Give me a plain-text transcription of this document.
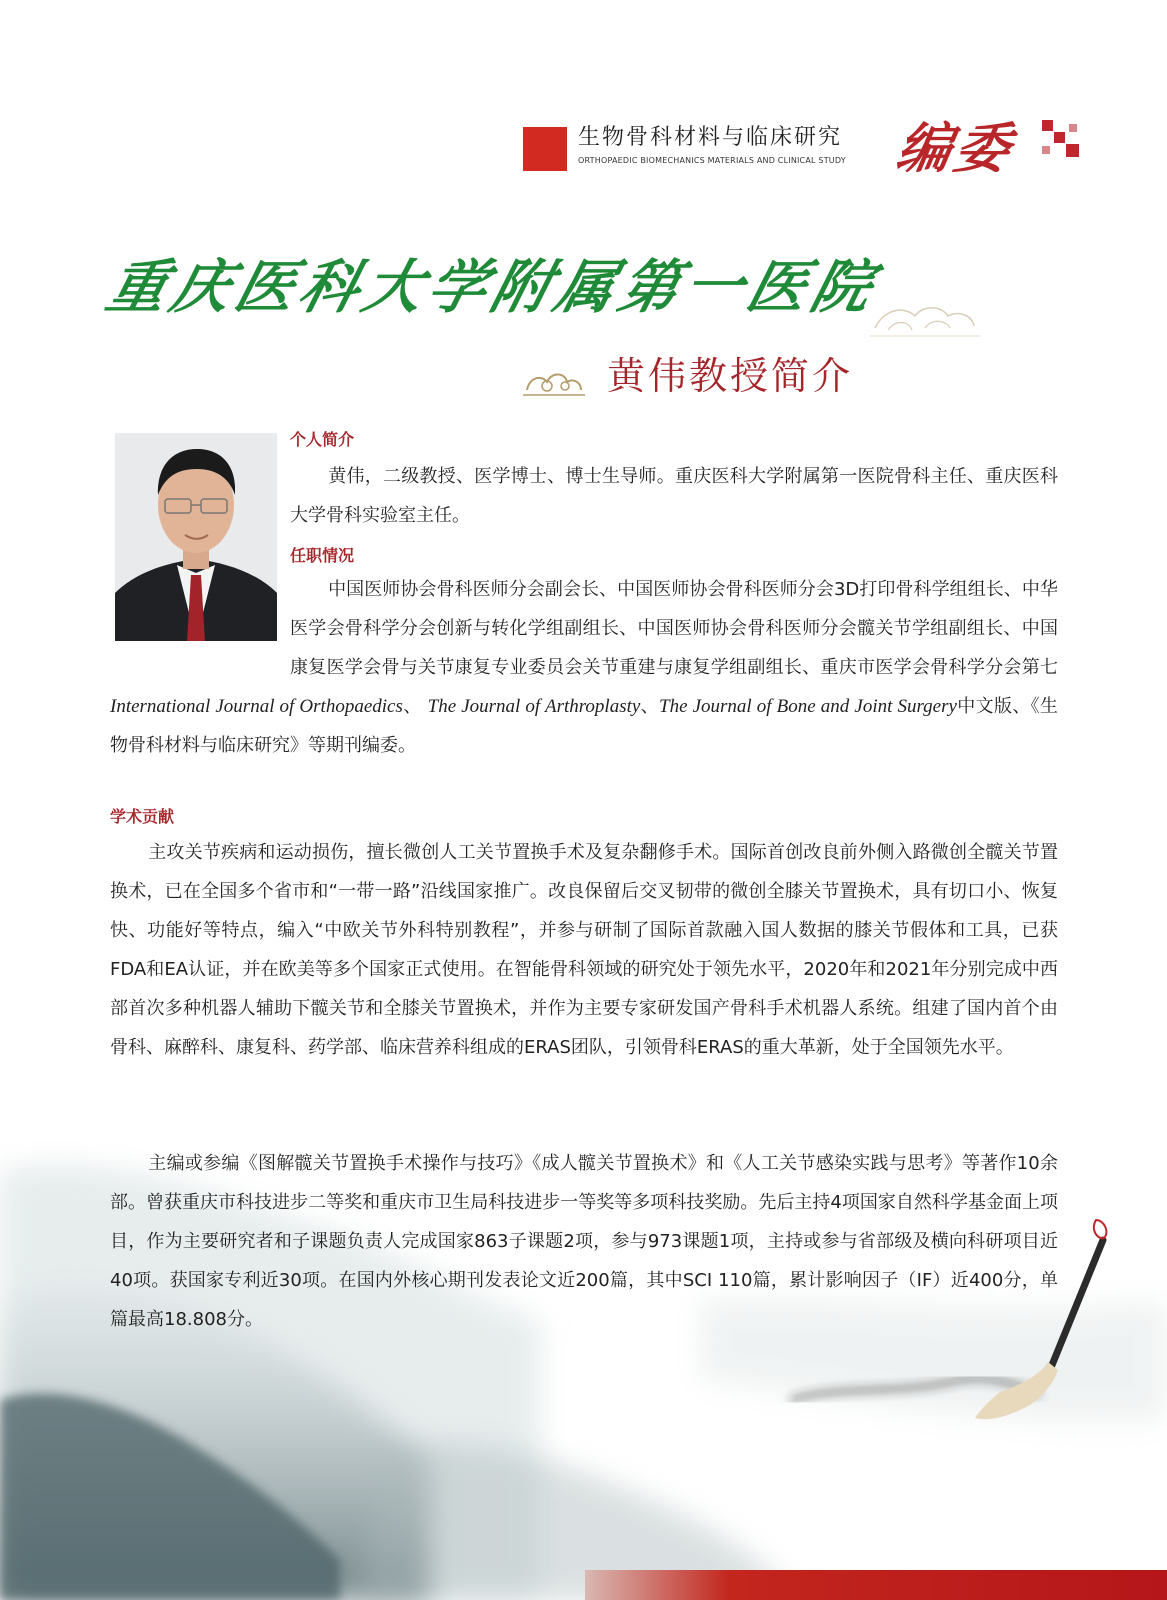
生物骨科材料与临床研究
ORTHOPAEDIC BIOMECHANICS MATERIALS AND CLINICAL STUDY 编委
重庆医科大学附属第一医院
黄伟教授简介
个人简介

黄伟，二级教授、医学博士、博士生导师。重庆医科大学附属第一医院骨科主任、重庆医科大学骨科实验室主任。

任职情况

中国医师协会骨科医师分会副会长、中国医师协会骨科医师分会3D打印骨科学组组长、中华医学会骨科学分会创新与转化学组副组长、中国医师协会骨科医师分会髋关节学组副组长、中国康复医学会骨与关节康复专业委员会关节重建与康复学组副组长、重庆市医学会骨科学分会第七

International Journal of Orthopaedics、 The Journal of Arthroplasty、The Journal of Bone and Joint Surgery中文版、《生物骨科材料与临床研究》等期刊编委。
学术贡献

主攻关节疾病和运动损伤，擅长微创人工关节置换手术及复杂翻修手术。国际首创改良前外侧入路微创全髋关节置换术，已在全国多个省市和“一带一路”沿线国家推广。改良保留后交叉韧带的微创全膝关节置换术，具有切口小、恢复快、功能好等特点，编入“中欧关节外科特别教程”，并参与研制了国际首款融入国人数据的膝关节假体和工具，已获FDA和EA认证，并在欧美等多个国家正式使用。在智能骨科领域的研究处于领先水平，2020年和2021年分别完成中西部首次多种机器人辅助下髋关节和全膝关节置换术，并作为主要专家研发国产骨科手术机器人系统。组建了国内首个由骨科、麻醉科、康复科、药学部、临床营养科组成的ERAS团队，引领骨科ERAS的重大革新，处于全国领先水平。

主编或参编《图解髋关节置换手术操作与技巧》《成人髋关节置换术》和《人工关节感染实践与思考》等著作10余部。曾获重庆市科技进步二等奖和重庆市卫生局科技进步一等奖等多项科技奖励。先后主持4项国家自然科学基金面上项目，作为主要研究者和子课题负责人完成国家863子课题2项，参与973课题1项，主持或参与省部级及横向科研项目近40项。获国家专利近30项。在国内外核心期刊发表论文近200篇，其中SCI 110篇，累计影响因子（IF）近400分，单篇最高18.808分。
